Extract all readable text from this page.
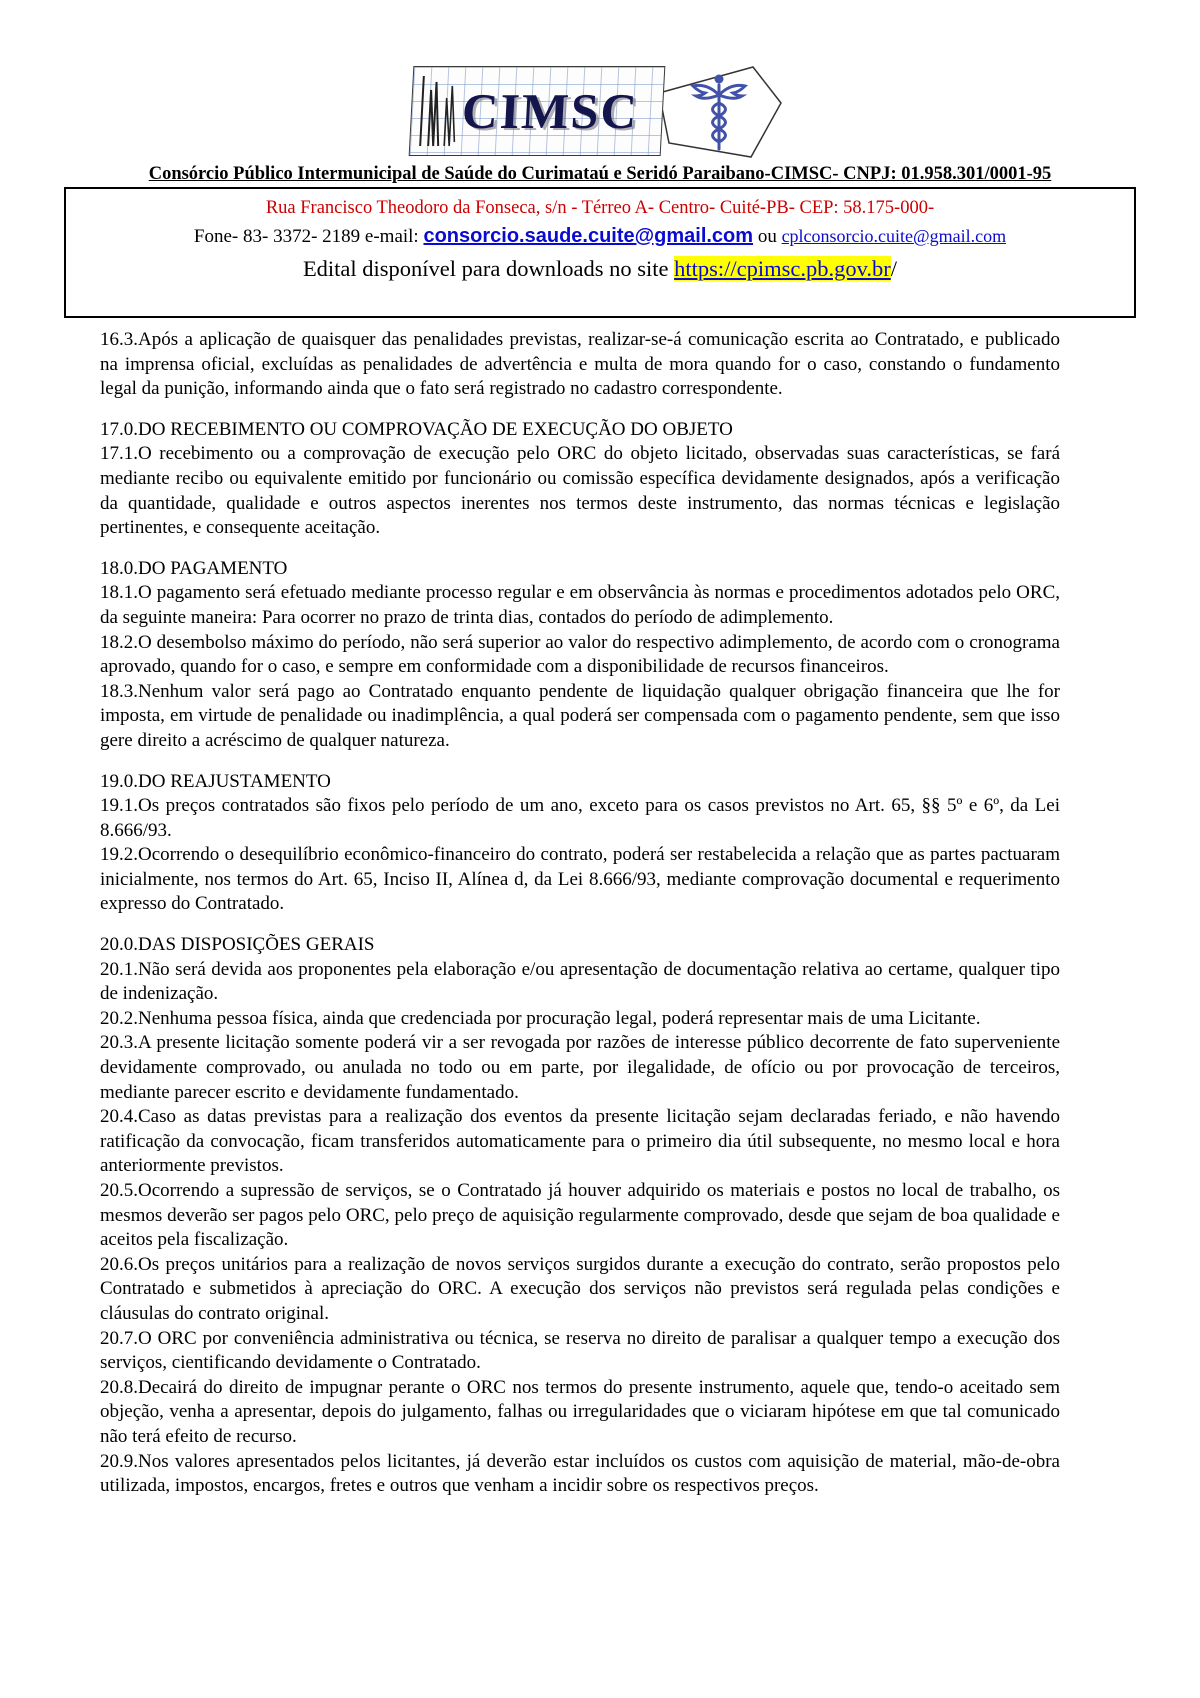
CIMSC
Consórcio Público Intermunicipal de Saúde do Curimataú e Seridó Paraibano-CIMSC- CNPJ: 01.958.301/0001-95
Rua Francisco Theodoro da Fonseca, s/n - Térreo A- Centro- Cuité-PB- CEP: 58.175-000-
Fone- 83- 3372- 2189 e-mail: consorcio.saude.cuite@gmail.com ou cplconsorcio.cuite@gmail.com
Edital disponível para downloads no site https://cpimsc.pb.gov.br/

16.3.Após a aplicação de quaisquer das penalidades previstas, realizar-se-á comunicação escrita ao Contratado, e publicado na imprensa oficial, excluídas as penalidades de advertência e multa de mora quando for o caso, constando o fundamento legal da punição, informando ainda que o fato será registrado no cadastro correspondente.

17.0.DO RECEBIMENTO OU COMPROVAÇÃO DE EXECUÇÃO DO OBJETO

17.1.O recebimento ou a comprovação de execução pelo ORC do objeto licitado, observadas suas características, se fará mediante recibo ou equivalente emitido por funcionário ou comissão específica devidamente designados, após a verificação da quantidade, qualidade e outros aspectos inerentes nos termos deste instrumento, das normas técnicas e legislação pertinentes, e consequente aceitação.

18.0.DO PAGAMENTO

18.1.O pagamento será efetuado mediante processo regular e em observância às normas e procedimentos adotados pelo ORC, da seguinte maneira: Para ocorrer no prazo de trinta dias, contados do período de adimplemento.

18.2.O desembolso máximo do período, não será superior ao valor do respectivo adimplemento, de acordo com o cronograma aprovado, quando for o caso, e sempre em conformidade com a disponibilidade de recursos financeiros.

18.3.Nenhum valor será pago ao Contratado enquanto pendente de liquidação qualquer obrigação financeira que lhe for imposta, em virtude de penalidade ou inadimplência, a qual poderá ser compensada com o pagamento pendente, sem que isso gere direito a acréscimo de qualquer natureza.

19.0.DO REAJUSTAMENTO

19.1.Os preços contratados são fixos pelo período de um ano, exceto para os casos previstos no Art. 65, §§ 5º e 6º, da Lei 8.666/93.

19.2.Ocorrendo o desequilíbrio econômico-financeiro do contrato, poderá ser restabelecida a relação que as partes pactuaram inicialmente, nos termos do Art. 65, Inciso II, Alínea d, da Lei 8.666/93, mediante comprovação documental e requerimento expresso do Contratado.

20.0.DAS DISPOSIÇÕES GERAIS

20.1.Não será devida aos proponentes pela elaboração e/ou apresentação de documentação relativa ao certame, qualquer tipo de indenização.

20.2.Nenhuma pessoa física, ainda que credenciada por procuração legal, poderá representar mais de uma Licitante.

20.3.A presente licitação somente poderá vir a ser revogada por razões de interesse público decorrente de fato superveniente devidamente comprovado, ou anulada no todo ou em parte, por ilegalidade, de ofício ou por provocação de terceiros, mediante parecer escrito e devidamente fundamentado.

20.4.Caso as datas previstas para a realização dos eventos da presente licitação sejam declaradas feriado, e não havendo ratificação da convocação, ficam transferidos automaticamente para o primeiro dia útil subsequente, no mesmo local e hora anteriormente previstos.

20.5.Ocorrendo a supressão de serviços, se o Contratado já houver adquirido os materiais e postos no local de trabalho, os mesmos deverão ser pagos pelo ORC, pelo preço de aquisição regularmente comprovado, desde que sejam de boa qualidade e aceitos pela fiscalização.

20.6.Os preços unitários para a realização de novos serviços surgidos durante a execução do contrato, serão propostos pelo Contratado e submetidos à apreciação do ORC. A execução dos serviços não previstos será regulada pelas condições e cláusulas do contrato original.

20.7.O ORC por conveniência administrativa ou técnica, se reserva no direito de paralisar a qualquer tempo a execução dos serviços, cientificando devidamente o Contratado.

20.8.Decairá do direito de impugnar perante o ORC nos termos do presente instrumento, aquele que, tendo-o aceitado sem objeção, venha a apresentar, depois do julgamento, falhas ou irregularidades que o viciaram hipótese em que tal comunicado não terá efeito de recurso.

20.9.Nos valores apresentados pelos licitantes, já deverão estar incluídos os custos com aquisição de material, mão-de-obra utilizada, impostos, encargos, fretes e outros que venham a incidir sobre os respectivos preços.
